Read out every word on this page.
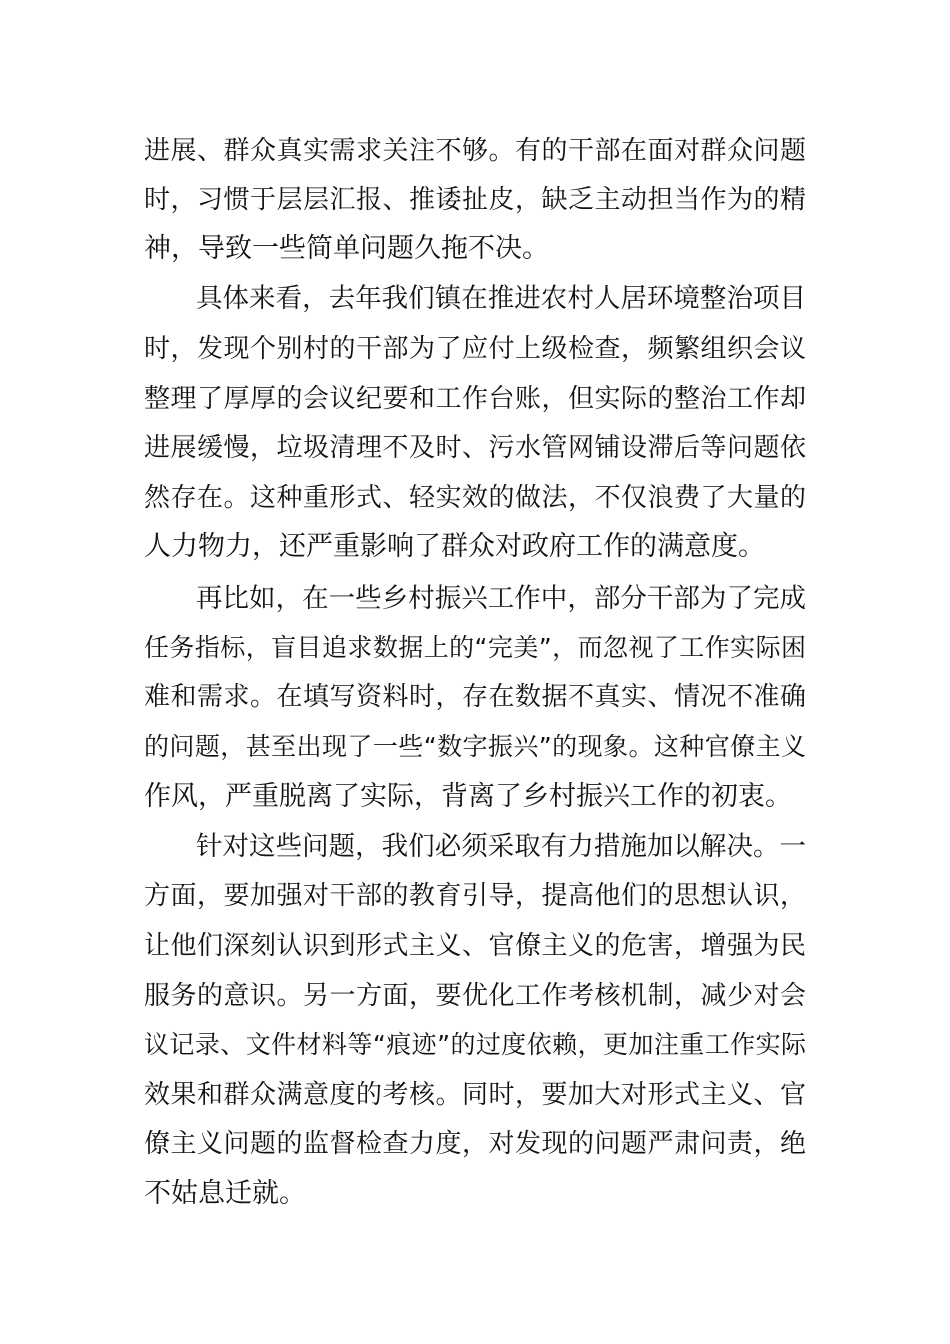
进展、群众真实需求关注不够。有的干部在面对群众问题
时，习惯于层层汇报、推诿扯皮，缺乏主动担当作为的精
神，导致一些简单问题久拖不决。
具体来看，去年我们镇在推进农村人居环境整治项目
时，发现个别村的干部为了应付上级检查，频繁组织会议
整理了厚厚的会议纪要和工作台账，但实际的整治工作却
进展缓慢，垃圾清理不及时、污水管网铺设滞后等问题依
然存在。这种重形式、轻实效的做法，不仅浪费了大量的
人力物力，还严重影响了群众对政府工作的满意度。
再比如，在一些乡村振兴工作中，部分干部为了完成
任务指标，盲目追求数据上的“完美”，而忽视了工作实际困
难和需求。在填写资料时，存在数据不真实、情况不准确
的问题，甚至出现了一些“数字振兴”的现象。这种官僚主义
作风，严重脱离了实际，背离了乡村振兴工作的初衷。
针对这些问题，我们必须采取有力措施加以解决。一
方面，要加强对干部的教育引导，提高他们的思想认识，
让他们深刻认识到形式主义、官僚主义的危害，增强为民
服务的意识。另一方面，要优化工作考核机制，减少对会
议记录、文件材料等“痕迹”的过度依赖，更加注重工作实际
效果和群众满意度的考核。同时，要加大对形式主义、官
僚主义问题的监督检查力度，对发现的问题严肃问责，绝
不姑息迁就。
